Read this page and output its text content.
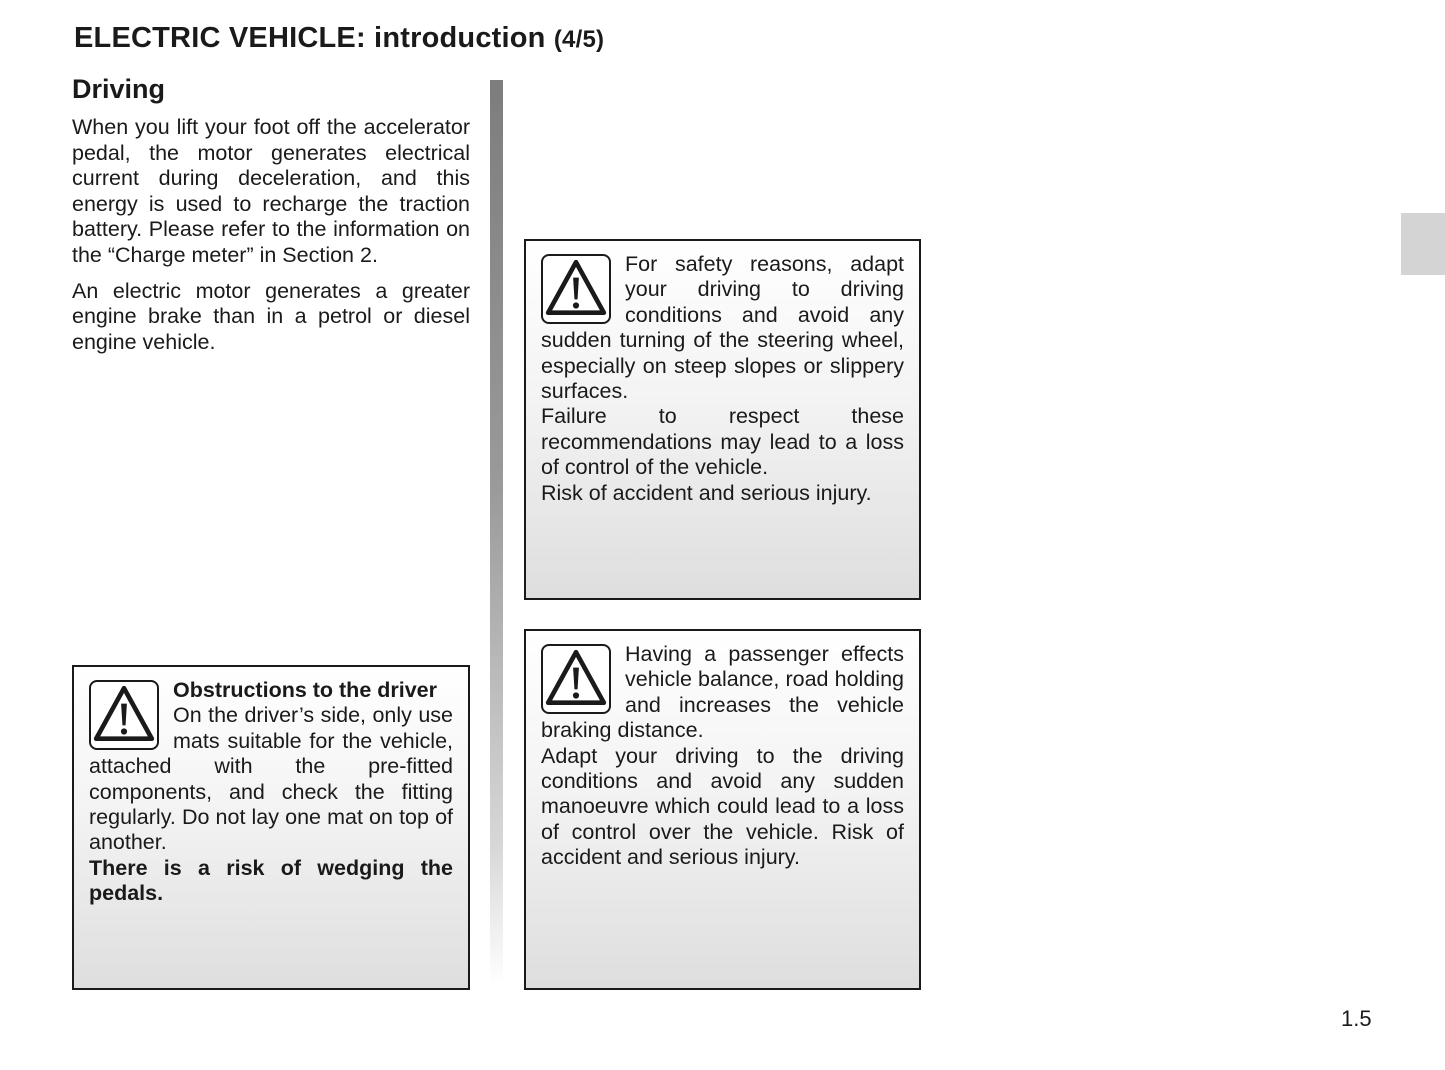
ELECTRIC VEHICLE: introduction (4/5)
Driving

When you lift your foot off the accelerator pedal, the motor generates electrical current during deceleration, and this energy is used to recharge the traction battery. Please refer to the information on the “Charge meter” in Section 2.

An electric motor generates a greater engine brake than in a petrol or diesel engine vehicle.

Obstructions to the driver

On the driver’s side, only use mats suitable for the vehicle, attached with the pre-fitted components, and check the fitting regularly. Do not lay one mat on top of another.

There is a risk of wedging the pedals.

For safety reasons, adapt your driving to driving conditions and avoid any sudden turning of the steering wheel, especially on steep slopes or slippery surfaces.

Failure to respect these recommendations may lead to a loss of control of the vehicle.

Risk of accident and serious injury.

Having a passenger effects vehicle balance, road holding and increases the vehicle braking distance.

Adapt your driving to the driving conditions and avoid any sudden manoeuvre which could lead to a loss of control over the vehicle. Risk of accident and serious injury.

1.5
